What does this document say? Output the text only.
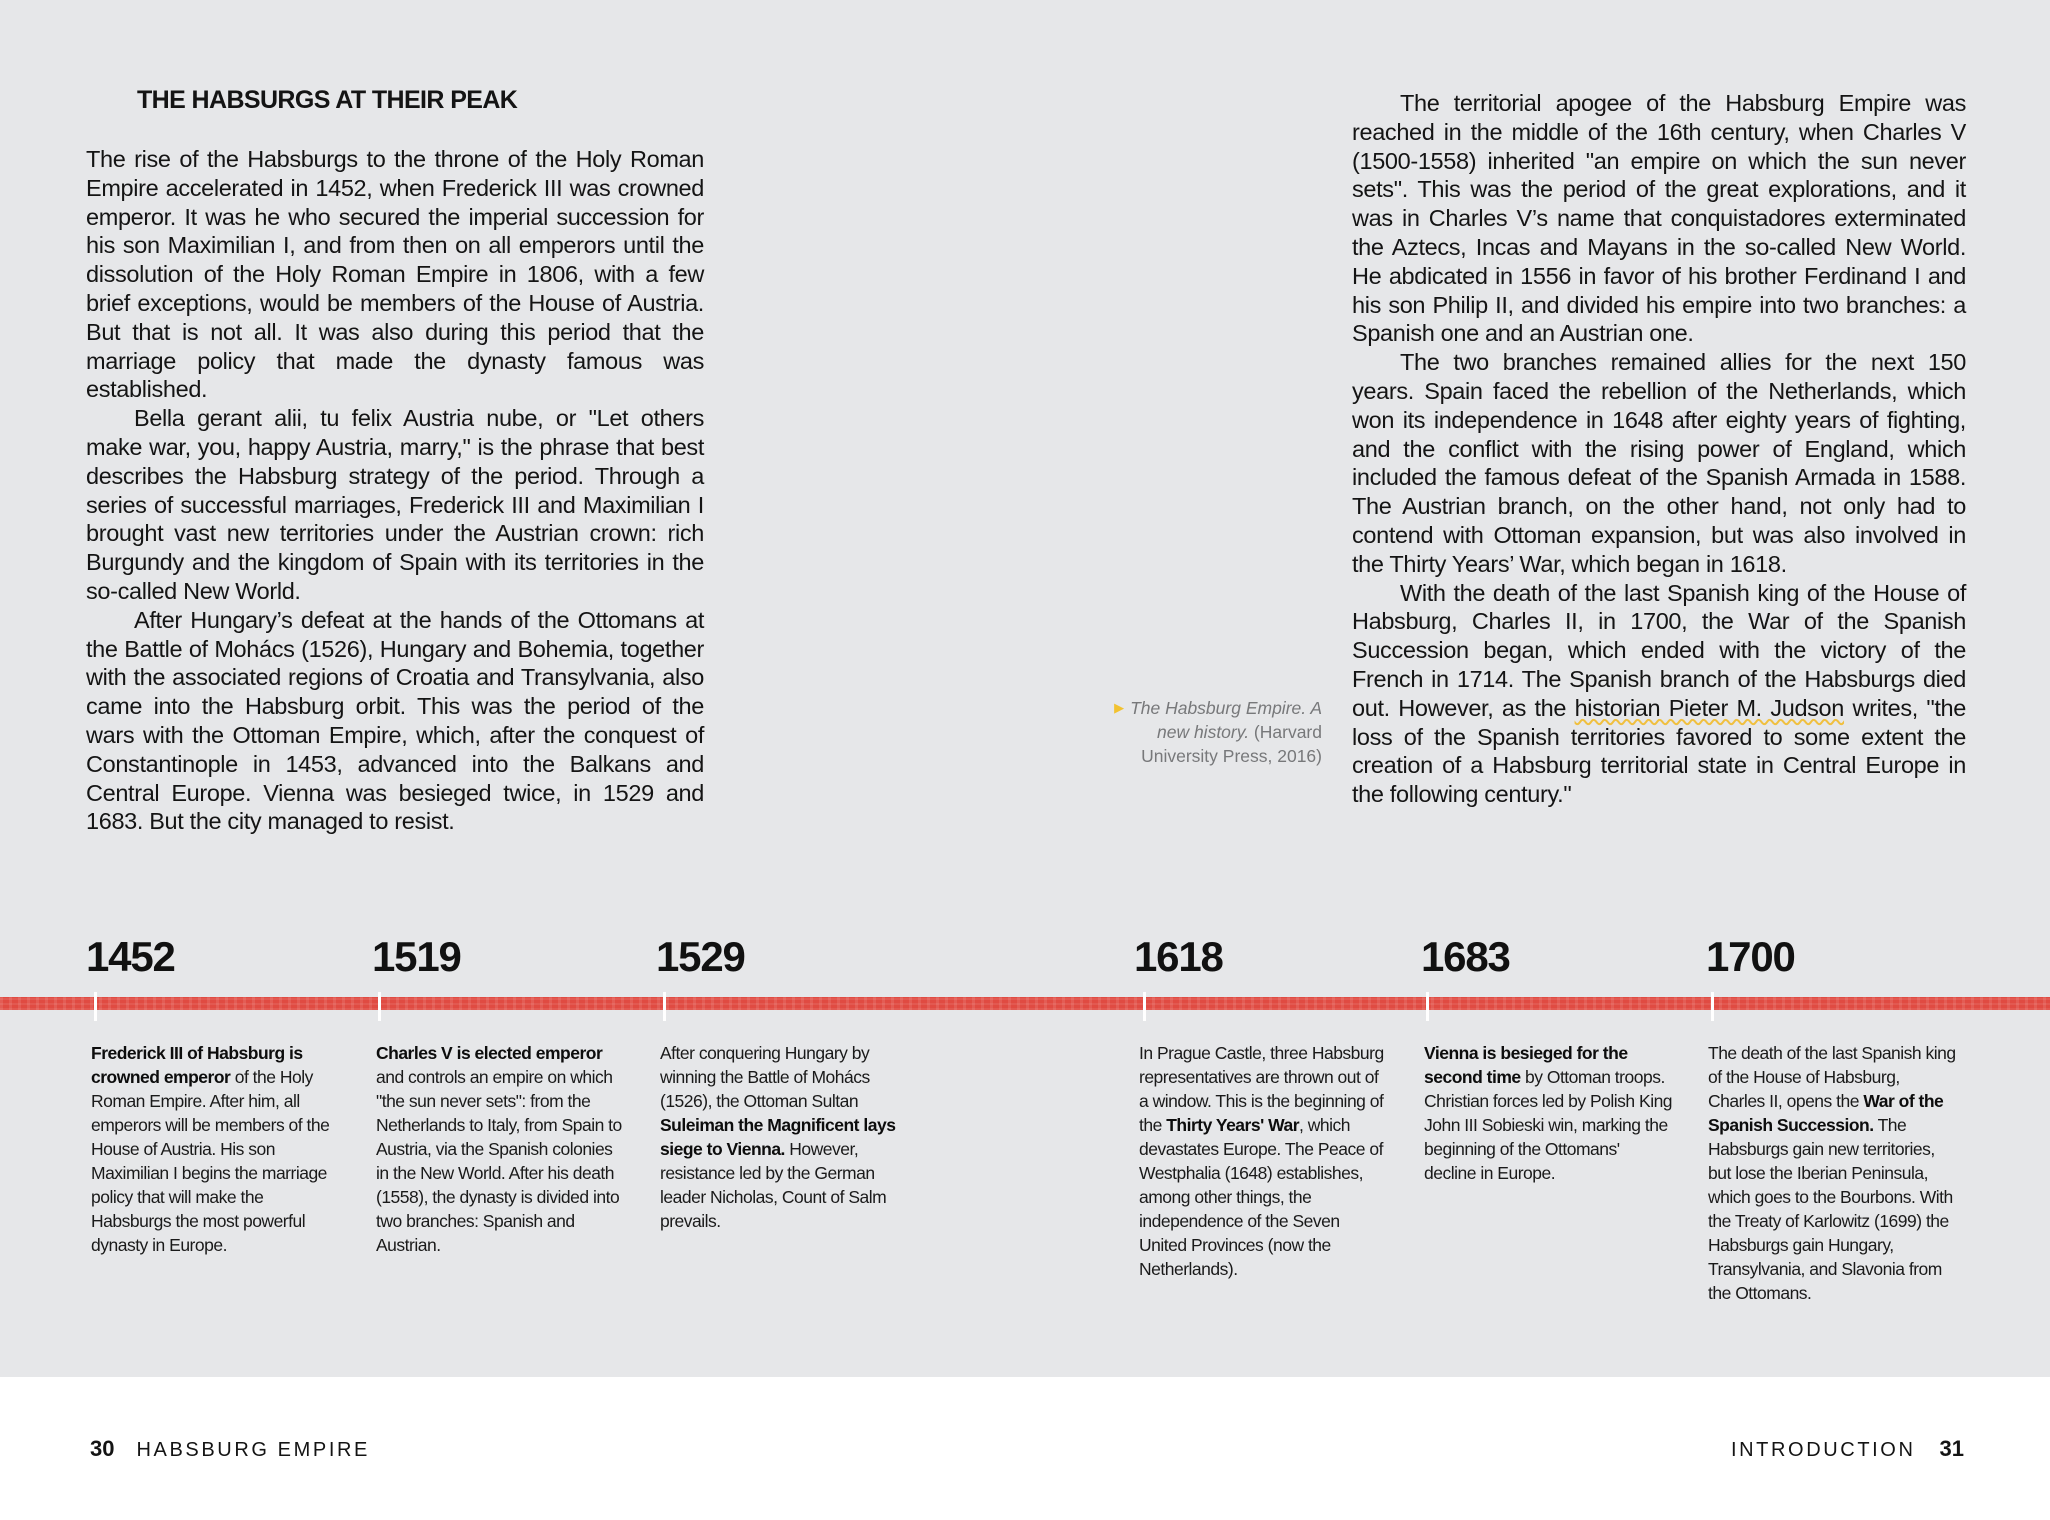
THE HABSURGS AT THEIR PEAK

The rise of the Habsburgs to the throne of the Holy Roman Empire accelerated in 1452, when Frederick III was crowned emperor. It was he who secured the imperial succession for his son Maximilian I, and from then on all emperors until the dissolution of the Holy Roman Empire in 1806, with a few brief exceptions, would be members of the House of Austria. But that is not all. It was also during this period that the marriage policy that made the dynasty famous was established.

Bella gerant alii, tu felix Austria nube, or "Let others make war, you, happy Austria, marry," is the phrase that best describes the Habsburg strategy of the period. Through a series of successful marriages, Frederick III and Maximilian I brought vast new territories under the Austrian crown: rich Burgundy and the kingdom of Spain with its territories in the so-called New World.

After Hungary’s defeat at the hands of the Ottomans at the Battle of Mohács (1526), Hungary and Bohemia, together with the associated regions of Croatia and Transylvania, also came into the Habsburg orbit. This was the period of the wars with the Ottoman Empire, which, after the conquest of Constantinople in 1453, advanced into the Balkans and Central Europe. Vienna was besieged twice, in 1529 and 1683. But the city managed to resist.

▶ The Habsburg Empire. A new history. (Harvard University Press, 2016)

The territorial apogee of the Habsburg Empire was reached in the middle of the 16th century, when Charles V (1500-1558) inherited "an empire on which the sun never sets". This was the period of the great explorations, and it was in Charles V’s name that conquistadores exterminated the Aztecs, Incas and Mayans in the so-called New World. He abdicated in 1556 in favor of his brother Ferdinand I and his son Philip II, and divided his empire into two branches: a Spanish one and an Austrian one.

The two branches remained allies for the next 150 years. Spain faced the rebellion of the Netherlands, which won its independence in 1648 after eighty years of fighting, and the conflict with the rising power of England, which included the famous defeat of the Spanish Armada in 1588. The Austrian branch, on the other hand, not only had to contend with Ottoman expansion, but was also involved in the Thirty Years’ War, which began in 1618.

With the death of the last Spanish king of the House of Habsburg, Charles II, in 1700, the War of the Spanish Succession began, which ended with the victory of the French in 1714. The Spanish branch of the Habsburgs died out. However, as the historian Pieter M. Judson writes, "the loss of the Spanish territories favored to some extent the creation of a Habsburg territorial state in Central Europe in the following century."

1452
Frederick III of Habsburg is crowned emperor of the Holy Roman Empire. After him, all emperors will be members of the House of Austria. His son Maximilian I begins the marriage policy that will make the Habsburgs the most powerful dynasty in Europe.
1519
Charles V is elected emperor and controls an empire on which "the sun never sets": from the Netherlands to Italy, from Spain to Austria, via the Spanish colonies in the New World. After his death (1558), the dynasty is divided into two branches: Spanish and Austrian.
1529
After conquering Hungary by winning the Battle of Mohács (1526), the Ottoman Sultan Suleiman the Magnificent lays siege to Vienna. However, resistance led by the German leader Nicholas, Count of Salm prevails.
1618
In Prague Castle, three Habsburg representatives are thrown out of a window. This is the beginning of the Thirty Years' War, which devastates Europe. The Peace of Westphalia (1648) establishes, among other things, the independence of the Seven United Provinces (now the Netherlands).
1683
Vienna is besieged for the second time by Ottoman troops. Christian forces led by Polish King John III Sobieski win, marking the beginning of the Ottomans' decline in Europe.
1700
The death of the last Spanish king of the House of Habsburg, Charles II, opens the War of the Spanish Succession. The Habsburgs gain new territories, but lose the Iberian Peninsula, which goes to the Bourbons. With the Treaty of Karlowitz (1699) the Habsburgs gain Hungary, Transylvania, and Slavonia from the Ottomans.
30 HABSBURG EMPIRE	INTRODUCTION 31
